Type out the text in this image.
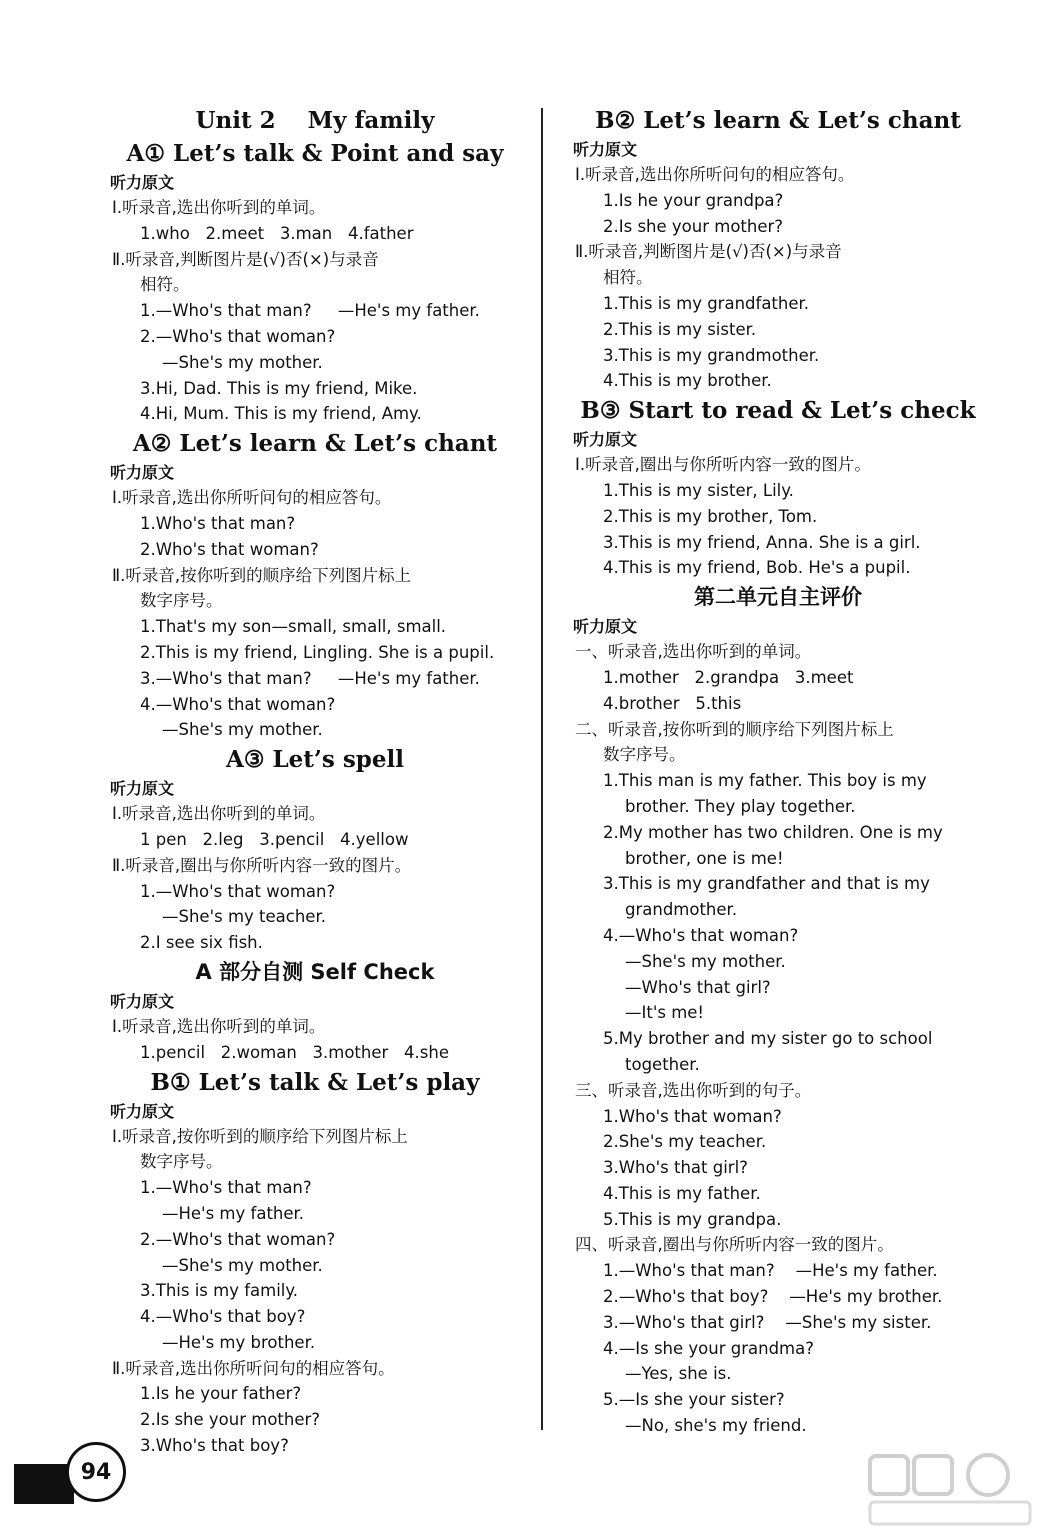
Unit 2    My family
A① Let’s talk & Point and say
听力原文
Ⅰ.听录音,选出你听到的单词。
1.who   2.meet   3.man   4.father
Ⅱ.听录音,判断图片是(√)否(×)与录音
相符。
1.—Who's that man?     —He's my father.
2.—Who's that woman?
—She's my mother.
3.Hi, Dad. This is my friend, Mike.
4.Hi, Mum. This is my friend, Amy.
A② Let’s learn & Let’s chant
听力原文
Ⅰ.听录音,选出你所听问句的相应答句。
1.Who's that man?
2.Who's that woman?
Ⅱ.听录音,按你听到的顺序给下列图片标上
数字序号。
1.That's my son—small, small, small.
2.This is my friend, Lingling. She is a pupil.
3.—Who's that man?     —He's my father.
4.—Who's that woman?
—She's my mother.
A③ Let’s spell
听力原文
Ⅰ.听录音,选出你听到的单词。
1 pen   2.leg   3.pencil   4.yellow
Ⅱ.听录音,圈出与你所听内容一致的图片。
1.—Who's that woman?
—She's my teacher.
2.I see six fish.
A 部分自测 Self Check
听力原文
Ⅰ.听录音,选出你听到的单词。
1.pencil   2.woman   3.mother   4.she
B① Let’s talk & Let’s play
听力原文
Ⅰ.听录音,按你听到的顺序给下列图片标上
数字序号。
1.—Who's that man?
—He's my father.
2.—Who's that woman?
—She's my mother.
3.This is my family.
4.—Who's that boy?
—He's my brother.
Ⅱ.听录音,选出你所听问句的相应答句。
1.Is he your father?
2.Is she your mother?
3.Who's that boy?
B② Let’s learn & Let’s chant
听力原文
Ⅰ.听录音,选出你所听问句的相应答句。
1.Is he your grandpa?
2.Is she your mother?
Ⅱ.听录音,判断图片是(√)否(×)与录音
相符。
1.This is my grandfather.
2.This is my sister.
3.This is my grandmother.
4.This is my brother.
B③ Start to read & Let’s check
听力原文
Ⅰ.听录音,圈出与你所听内容一致的图片。
1.This is my sister, Lily.
2.This is my brother, Tom.
3.This is my friend, Anna. She is a girl.
4.This is my friend, Bob. He's a pupil.
第二单元自主评价
听力原文
一、听录音,选出你听到的单词。
1.mother   2.grandpa   3.meet
4.brother   5.this
二、听录音,按你听到的顺序给下列图片标上
数字序号。
1.This man is my father. This boy is my
brother. They play together.
2.My mother has two children. One is my
brother, one is me!
3.This is my grandfather and that is my
grandmother.
4.—Who's that woman?
—She's my mother.
—Who's that girl?
—It's me!
5.My brother and my sister go to school
together.
三、听录音,选出你听到的句子。
1.Who's that woman?
2.She's my teacher.
3.Who's that girl?
4.This is my father.
5.This is my grandpa.
四、听录音,圈出与你所听内容一致的图片。
1.—Who's that man?    —He's my father.
2.—Who's that boy?    —He's my brother.
3.—Who's that girl?    —She's my sister.
4.—Is she your grandma?
—Yes, she is.
5.—Is she your sister?
—No, she's my friend.
94
